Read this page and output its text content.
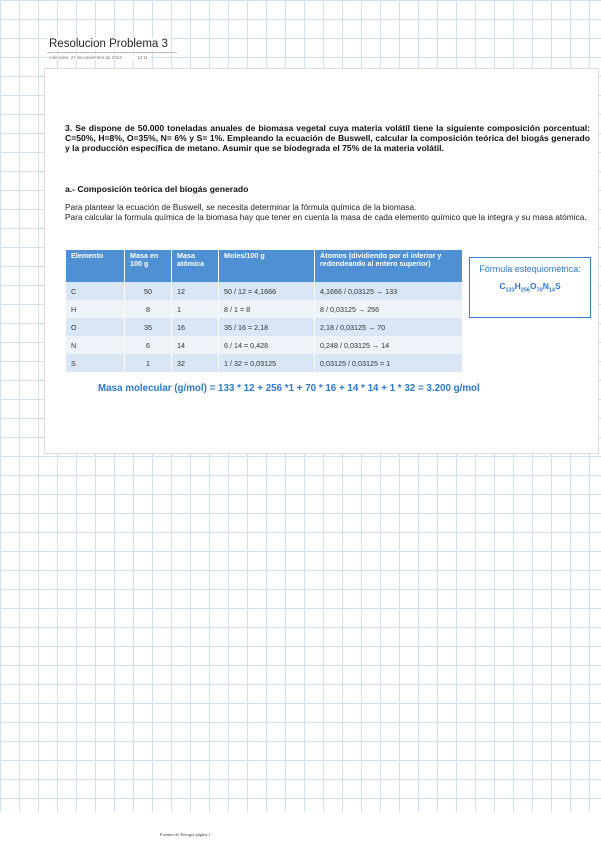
Resolucion Problema 3
miércoles, 27 de noviembre de 2024	12:11
3. Se dispone de 50.000 toneladas anuales de biomasa vegetal cuya materia volátil tiene la siguiente composición porcentual: C=50%, H=8%, O=35%, N= 6% y S= 1%. Empleando la ecuación de Buswell, calcular la composición teórica del biogás generado y la producción específica de metano. Asumir que se biodegrada el 75% de la materia volátil.
a.- Composición teórica del biogás generado
Para plantear la ecuación de Buswell, se necesita determinar la fórmula química de la biomasa.
Para calcular la formula química de la biomasa hay que tener en cuenta la masa de cada elemento químico que la integra y su masa atómica.
Elemento	Masa en 100 g	Masa atómica	Moles/100 g	Átomos (dividiendo por el inferior y redondeando al entero superior)
C	50	12	50 / 12 = 4,1666	4,1666 / 0,03125 → 133
H	8	1	8 / 1 = 8	8 / 0,03125 → 256
O	35	16	35 / 16 = 2,18	2,18 / 0,03125 → 70
N	6	14	6 / 14 = 0,428	0,248 / 0,03125 → 14
S	1	32	1 / 32 = 0,03125	0,03125 / 0,03125 = 1
Fórmula estequiométrica:
$C_{133}H_{256}O_{70}N_{14}S$
Masa molecular (g/mol) = 133 * 12 + 256 *1 + 70 * 16 + 14 * 14 + 1 * 32 = 3.200 g/mol
Fuentes de Energía página 1
